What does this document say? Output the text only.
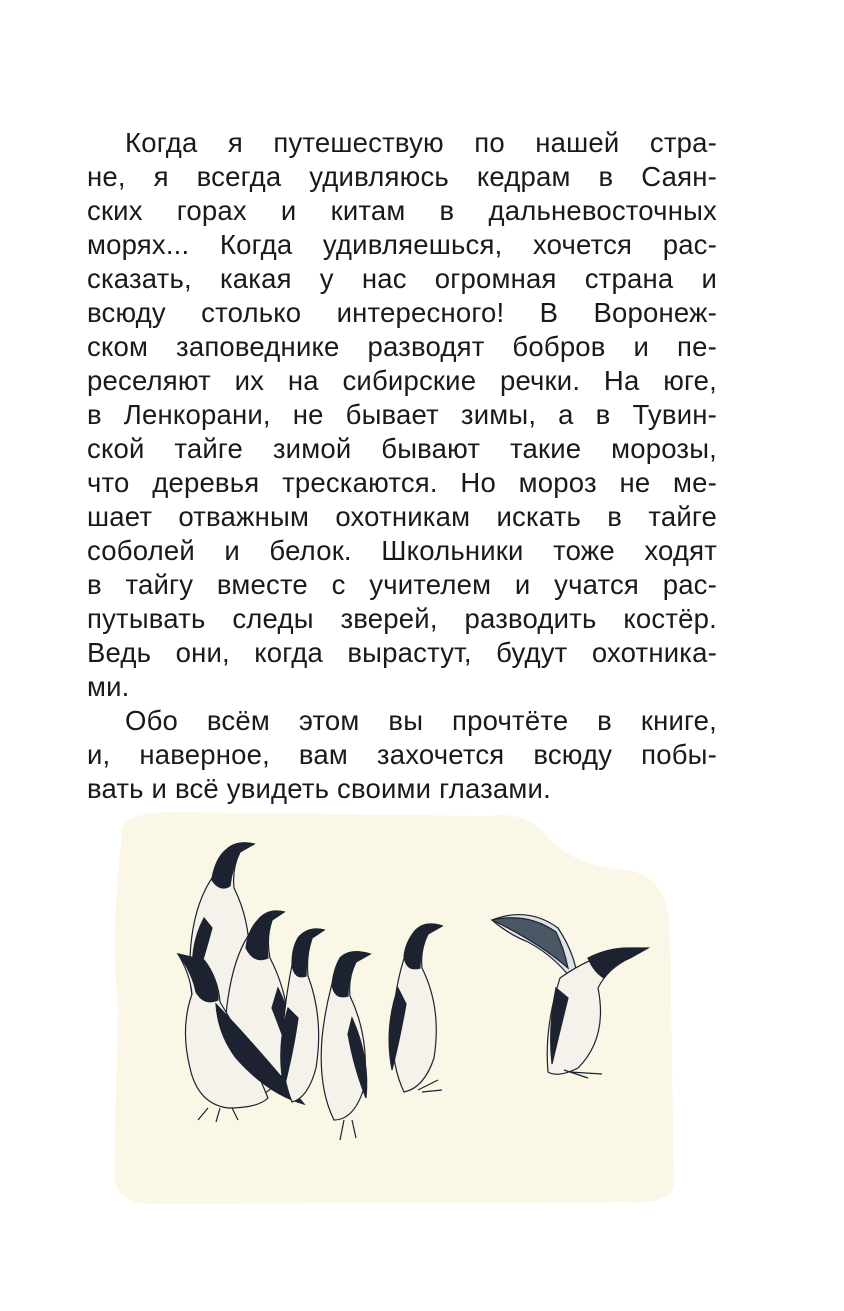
Когда я путешествую по нашей стра-
не, я всегда удивляюсь кедрам в Саян-
ских горах и китам в дальневосточных
морях... Когда удивляешься, хочется рас-
сказать, какая у нас огромная страна и
всюду столько интересного! В Воронеж-
ском заповеднике разводят бобров и пе-
реселяют их на сибирские речки. На юге,
в Ленкорани, не бывает зимы, а в Тувин-
ской тайге зимой бывают такие морозы,
что деревья трескаются. Но мороз не ме-
шает отважным охотникам искать в тайге
соболей и белок. Школьники тоже ходят
в тайгу вместе с учителем и учатся рас-
путывать следы зверей, разводить костёр.
Ведь они, когда вырастут, будут охотника-
ми.
Обо всём этом вы прочтёте в книге,
и, наверное, вам захочется всюду побы-
вать и всё увидеть своими глазами.
